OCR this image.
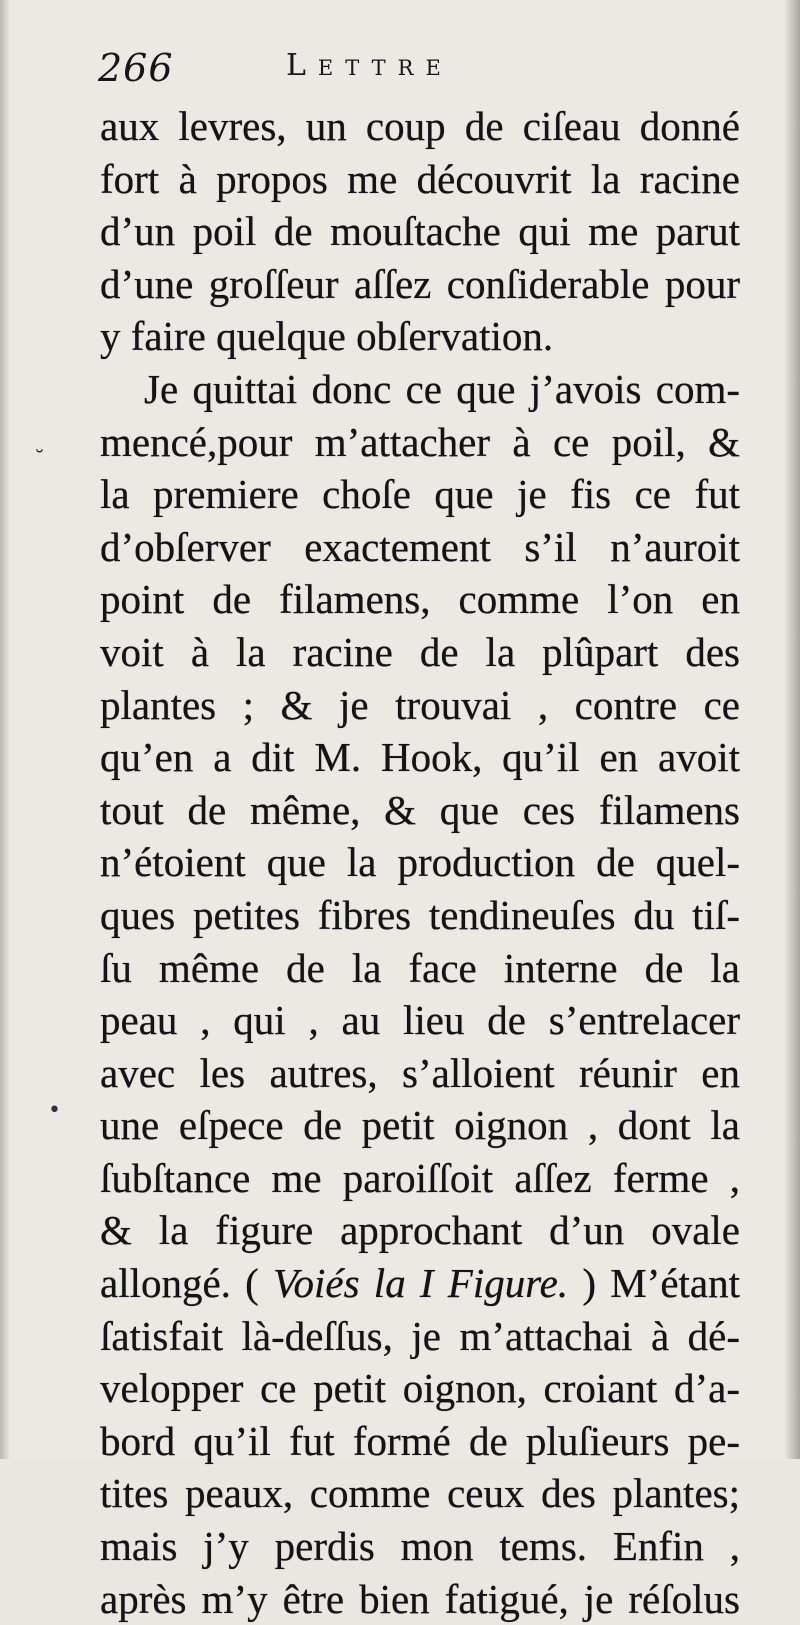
266	Lettre
aux levres, un coup de ciſeau donné
fort à propos me découvrit la racine
d’un poil de mouſtache qui me parut
d’une groſſeur aſſez conſiderable pour
y faire quelque obſervation.
Je quittai donc ce que j’avois com-
mencé,pour m’attacher à ce poil, &
la premiere choſe que je fis ce fut
d’obſerver exactement s’il n’auroit
point de filamens, comme l’on en
voit à la racine de la plûpart des
plantes ; & je trouvai , contre ce
qu’en a dit M. Hook, qu’il en avoit
tout de même, & que ces filamens
n’étoient que la production de quel-
ques petites fibres tendineuſes du tiſ-
ſu même de la face interne de la
peau , qui , au lieu de s’entrelacer
avec les autres, s’alloient réunir en
une eſpece de petit oignon , dont la
ſubſtance me paroiſſoit aſſez ferme ,
& la figure approchant d’un ovale
allongé. ( Voiés la I Figure. ) M’étant
ſatisfait là-deſſus, je m’attachai à dé-
velopper ce petit oignon, croiant d’a-
bord qu’il fut formé de pluſieurs pe-
tites peaux, comme ceux des plantes;
mais j’y perdis mon tems. Enfin ,
après m’y être bien fatigué, je réſolus
˘
•
